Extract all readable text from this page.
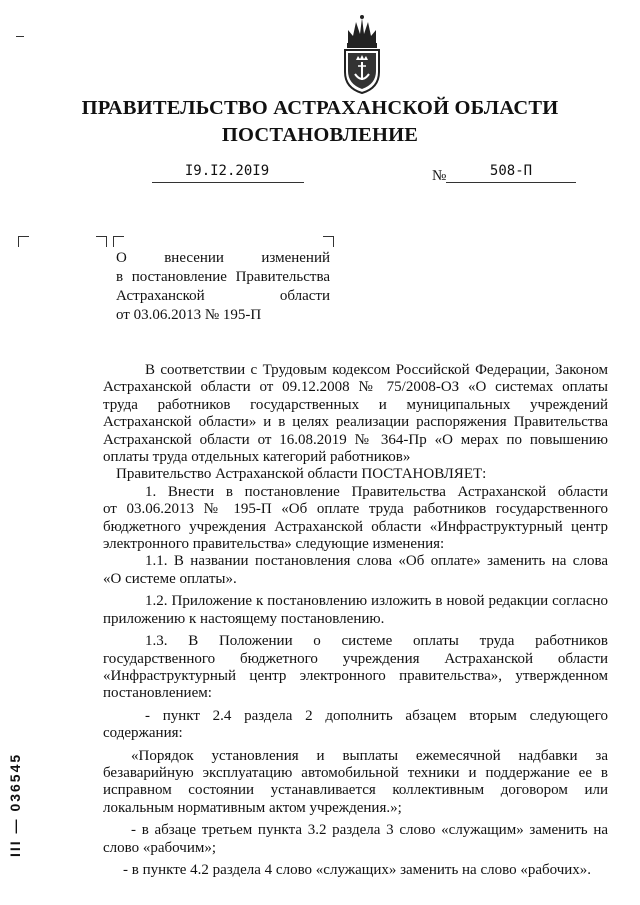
ПРАВИТЕЛЬСТВО АСТРАХАНСКОЙ ОБЛАСТИ
ПОСТАНОВЛЕНИЕ
I9.I2.20I9	№	508-П
О внесении изменений
в постановление Правительства
Астраханской области
от 03.06.2013 № 195-П
В соответствии с Трудовым кодексом Российской Федерации, Законом
Астраханской области от 09.12.2008 № 75/2008-ОЗ «О системах оплаты
труда работников государственных и муниципальных учреждений
Астраханской области» и в целях реализации распоряжения Правительства
Астраханской области от 16.08.2019 № 364-Пр «О мерах по повышению
оплаты труда отдельных категорий работников»
Правительство Астраханской области ПОСТАНОВЛЯЕТ:
1. Внести в постановление Правительства Астраханской области
от 03.06.2013 № 195-П «Об оплате труда работников государственного
бюджетного учреждения Астраханской области «Инфраструктурный центр
электронного правительства» следующие изменения:
1.1. В названии постановления слова «Об оплате» заменить на слова
«О системе оплаты».
1.2. Приложение к постановлению изложить в новой редакции согласно
приложению к настоящему постановлению.
1.3. В Положении о системе оплаты труда работников
государственного бюджетного учреждения Астраханской области
«Инфраструктурный центр электронного правительства», утвержденном
постановлением:
- пункт 2.4 раздела 2 дополнить абзацем вторым следующего
содержания:
«Порядок установления и выплаты ежемесячной надбавки за
безаварийную эксплуатацию автомобильной техники и поддержание ее в
исправном состоянии устанавливается коллективным договором или
локальным нормативным актом учреждения.»;
- в абзаце третьем пункта 3.2 раздела 3 слово «служащим» заменить на
слово «рабочим»;
- в пункте 4.2 раздела 4 слово «служащих» заменить на слово «рабочих».
III — 036545
